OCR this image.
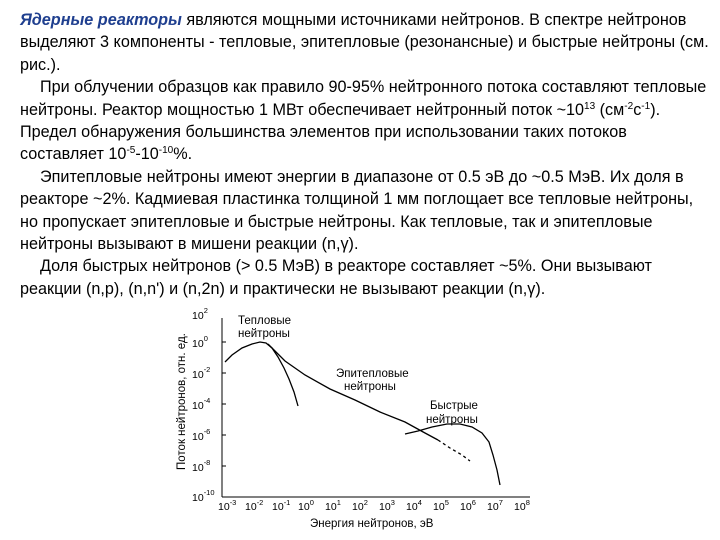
Ядерные реакторы являются мощными источниками нейтронов. В спектре нейтронов выделяют 3 компоненты - тепловые, эпитепловые (резонансные) и быстрые нейтроны (см. рис.).

При облучении образцов как правило 90-95% нейтронного потока составляют тепловые нейтроны. Реактор мощностью 1 МВт обеспечивает нейтронный поток $\sim 10^{13}$ $(см^{-2}с^{-1})$. Предел обнаружения большинства элементов при использовании таких потоков составляет $10^{-5}-10^{-10}\%$.

Эпитепловые нейтроны имеют энергии в диапазоне от 0.5 эВ до ~0.5 МэВ. Их доля в реакторе ~2%. Кадмиевая пластинка толщиной 1 мм поглощает все тепловые нейтроны, но пропускает эпитепловые и быстрые нейтроны. Как тепловые, так и эпитепловые нейтроны вызывают в мишени реакции (n,γ).

Доля быстрых нейтронов (> 0.5 МэВ) в реакторе составляет ~5%. Они вызывают реакции (n,p), (n,n') и (n,2n) и практически не вызывают реакции (n,γ).

$10^2$
$10^0$
$10^{-2}$
$10^{-4}$
$10^{-6}$
$10^{-8}$
$10^{-10}$
Поток нейтронов, отн. ед.
$10^{-3}$ $10^{-2}$ $10^{-1}$ $10^0$ $10^1$ $10^2$ $10^3$ $10^4$ $10^5$ $10^6$ $10^7$ $10^8$
Энергия нейтронов, эВ
Тепловые
нейтроны
Эпитепловые
нейтроны
Быстрые
нейтроны
